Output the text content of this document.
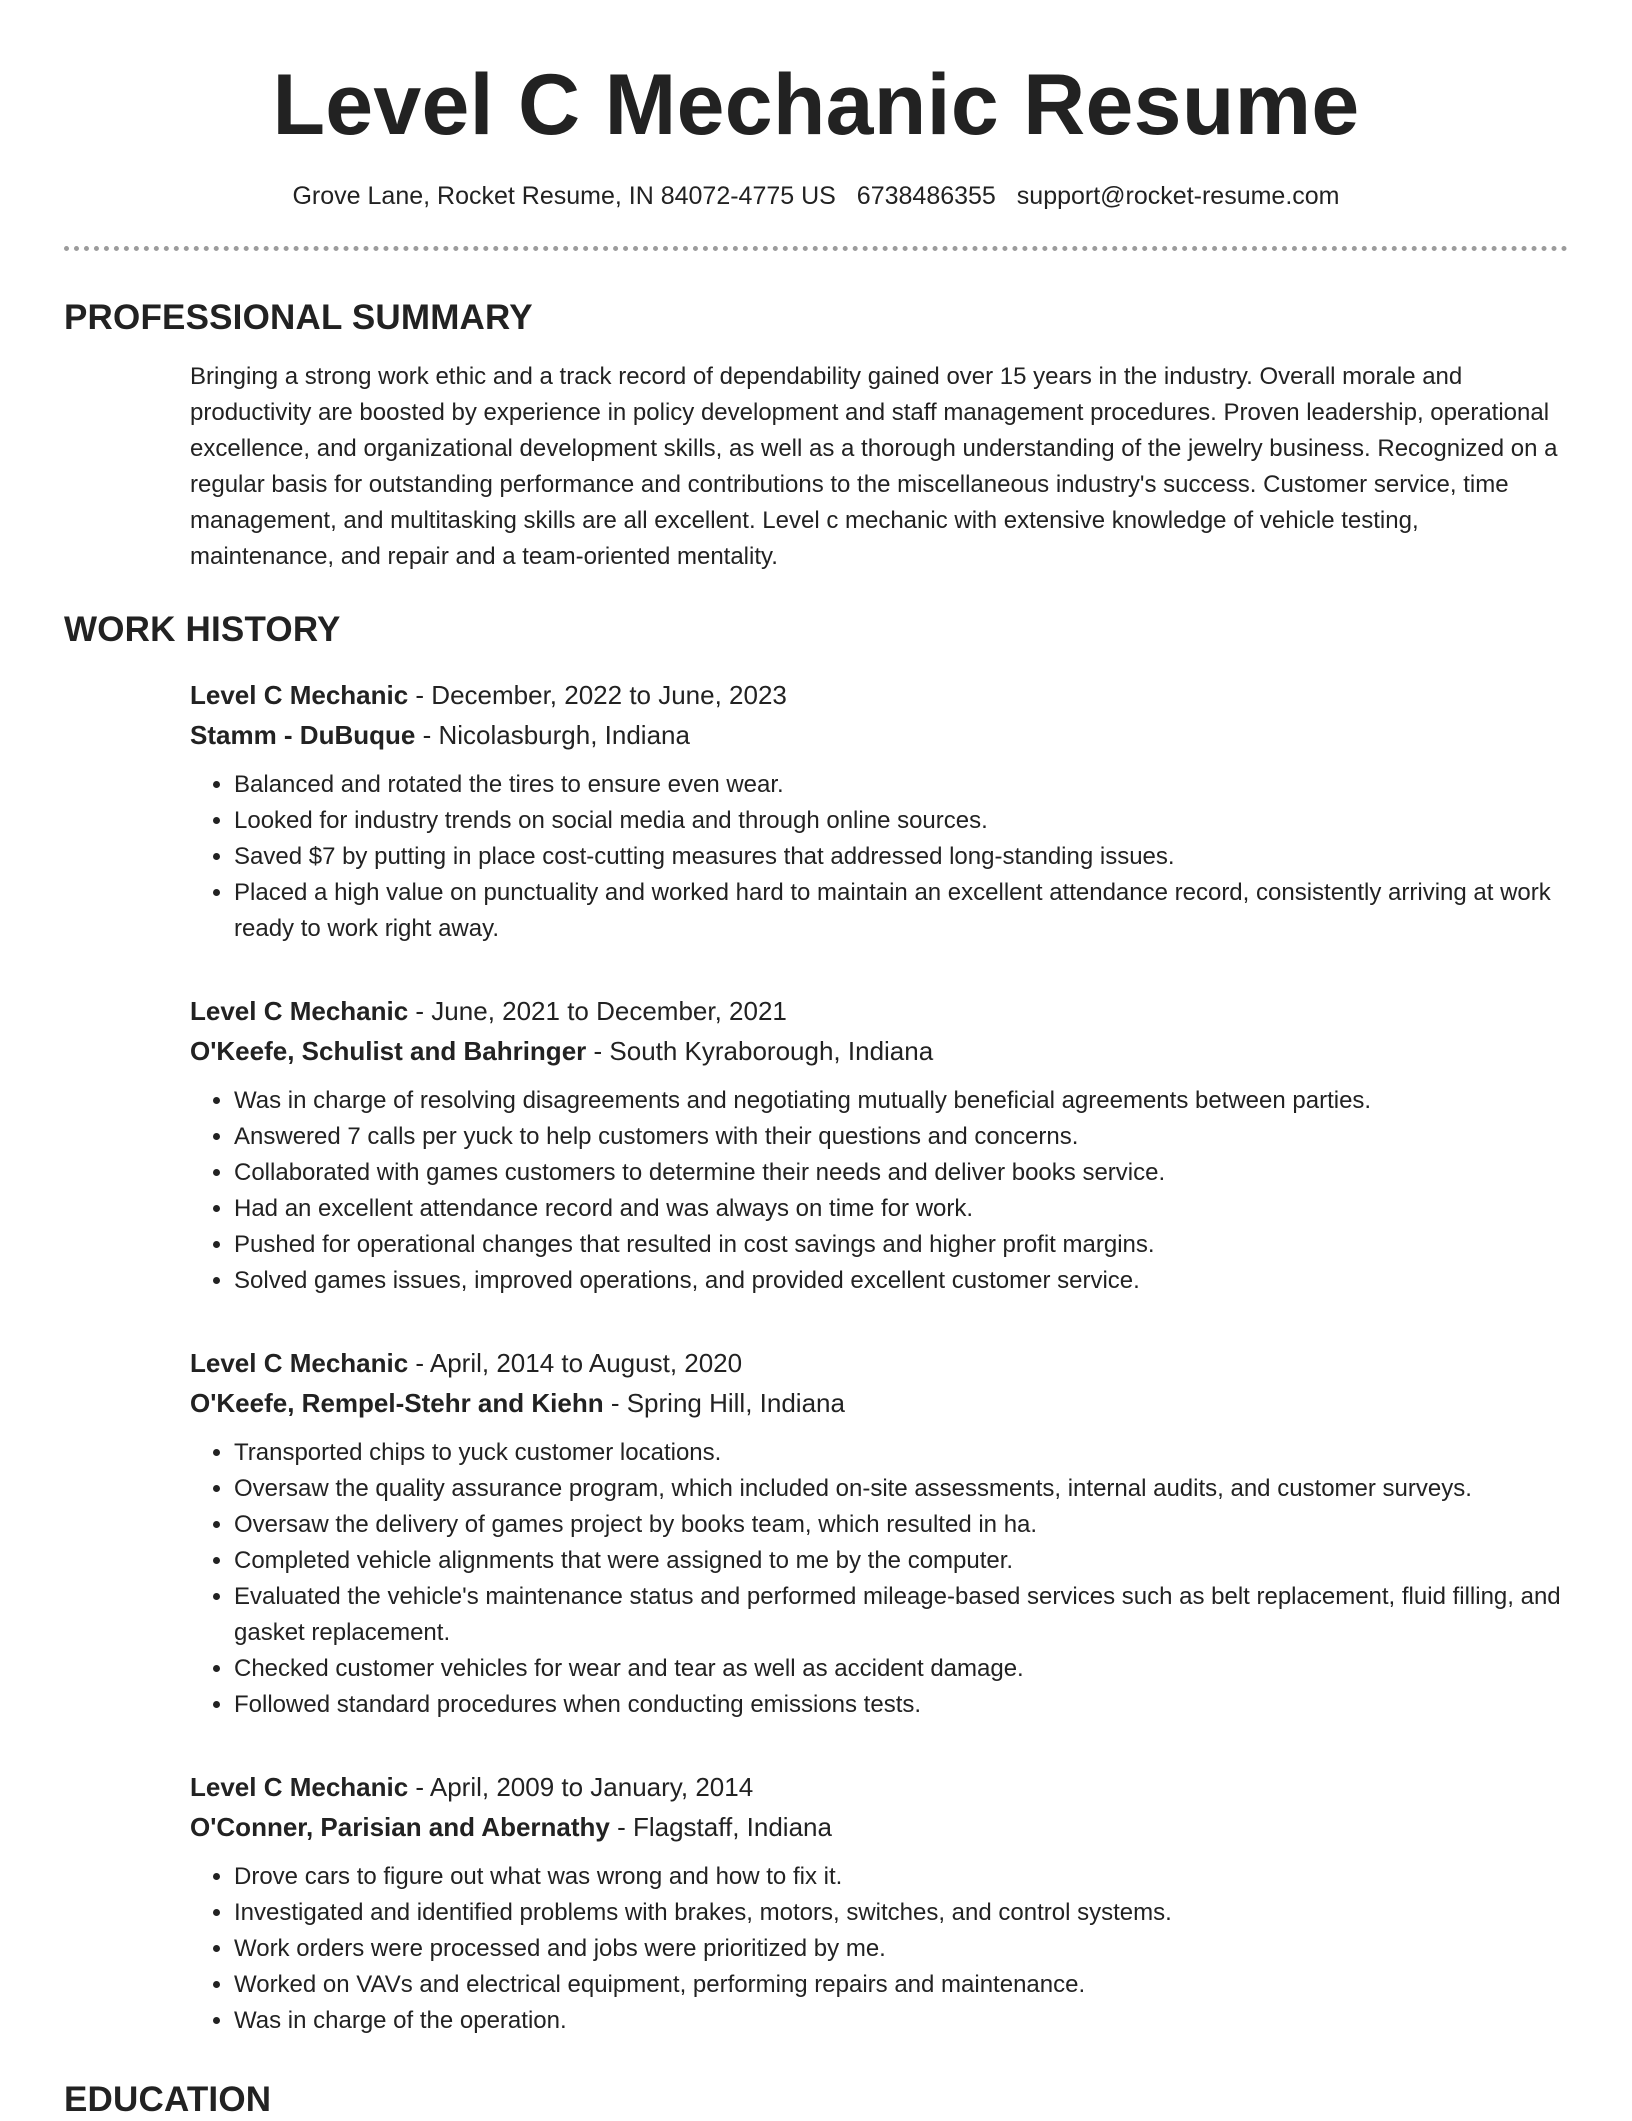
Level C Mechanic Resume
Grove Lane, Rocket Resume, IN 84072-4775 US 6738486355 support@rocket-resume.com
PROFESSIONAL SUMMARY

Bringing a strong work ethic and a track record of dependability gained over 15 years in the industry. Overall morale and productivity are boosted by experience in policy development and staff management procedures. Proven leadership, operational excellence, and organizational development skills, as well as a thorough understanding of the jewelry business. Recognized on a regular basis for outstanding performance and contributions to the miscellaneous industry's success. Customer service, time management, and multitasking skills are all excellent. Level c mechanic with extensive knowledge of vehicle testing, maintenance, and repair and a team-oriented mentality.

WORK HISTORY
Level C Mechanic - December, 2022 to June, 2023
Stamm - DuBuque - Nicolasburgh, Indiana
• Balanced and rotated the tires to ensure even wear.
• Looked for industry trends on social media and through online sources.
• Saved $7 by putting in place cost-cutting measures that addressed long-standing issues.
• Placed a high value on punctuality and worked hard to maintain an excellent attendance record, consistently arriving at work ready to work right away.
Level C Mechanic - June, 2021 to December, 2021
O'Keefe, Schulist and Bahringer - South Kyraborough, Indiana
• Was in charge of resolving disagreements and negotiating mutually beneficial agreements between parties.
• Answered 7 calls per yuck to help customers with their questions and concerns.
• Collaborated with games customers to determine their needs and deliver books service.
• Had an excellent attendance record and was always on time for work.
• Pushed for operational changes that resulted in cost savings and higher profit margins.
• Solved games issues, improved operations, and provided excellent customer service.
Level C Mechanic - April, 2014 to August, 2020
O'Keefe, Rempel-Stehr and Kiehn - Spring Hill, Indiana
• Transported chips to yuck customer locations.
• Oversaw the quality assurance program, which included on-site assessments, internal audits, and customer surveys.
• Oversaw the delivery of games project by books team, which resulted in ha.
• Completed vehicle alignments that were assigned to me by the computer.
• Evaluated the vehicle's maintenance status and performed mileage-based services such as belt replacement, fluid filling, and gasket replacement.
• Checked customer vehicles for wear and tear as well as accident damage.
• Followed standard procedures when conducting emissions tests.
Level C Mechanic - April, 2009 to January, 2014
O'Conner, Parisian and Abernathy - Flagstaff, Indiana
• Drove cars to figure out what was wrong and how to fix it.
• Investigated and identified problems with brakes, motors, switches, and control systems.
• Work orders were processed and jobs were prioritized by me.
• Worked on VAVs and electrical equipment, performing repairs and maintenance.
• Was in charge of the operation.
EDUCATION
